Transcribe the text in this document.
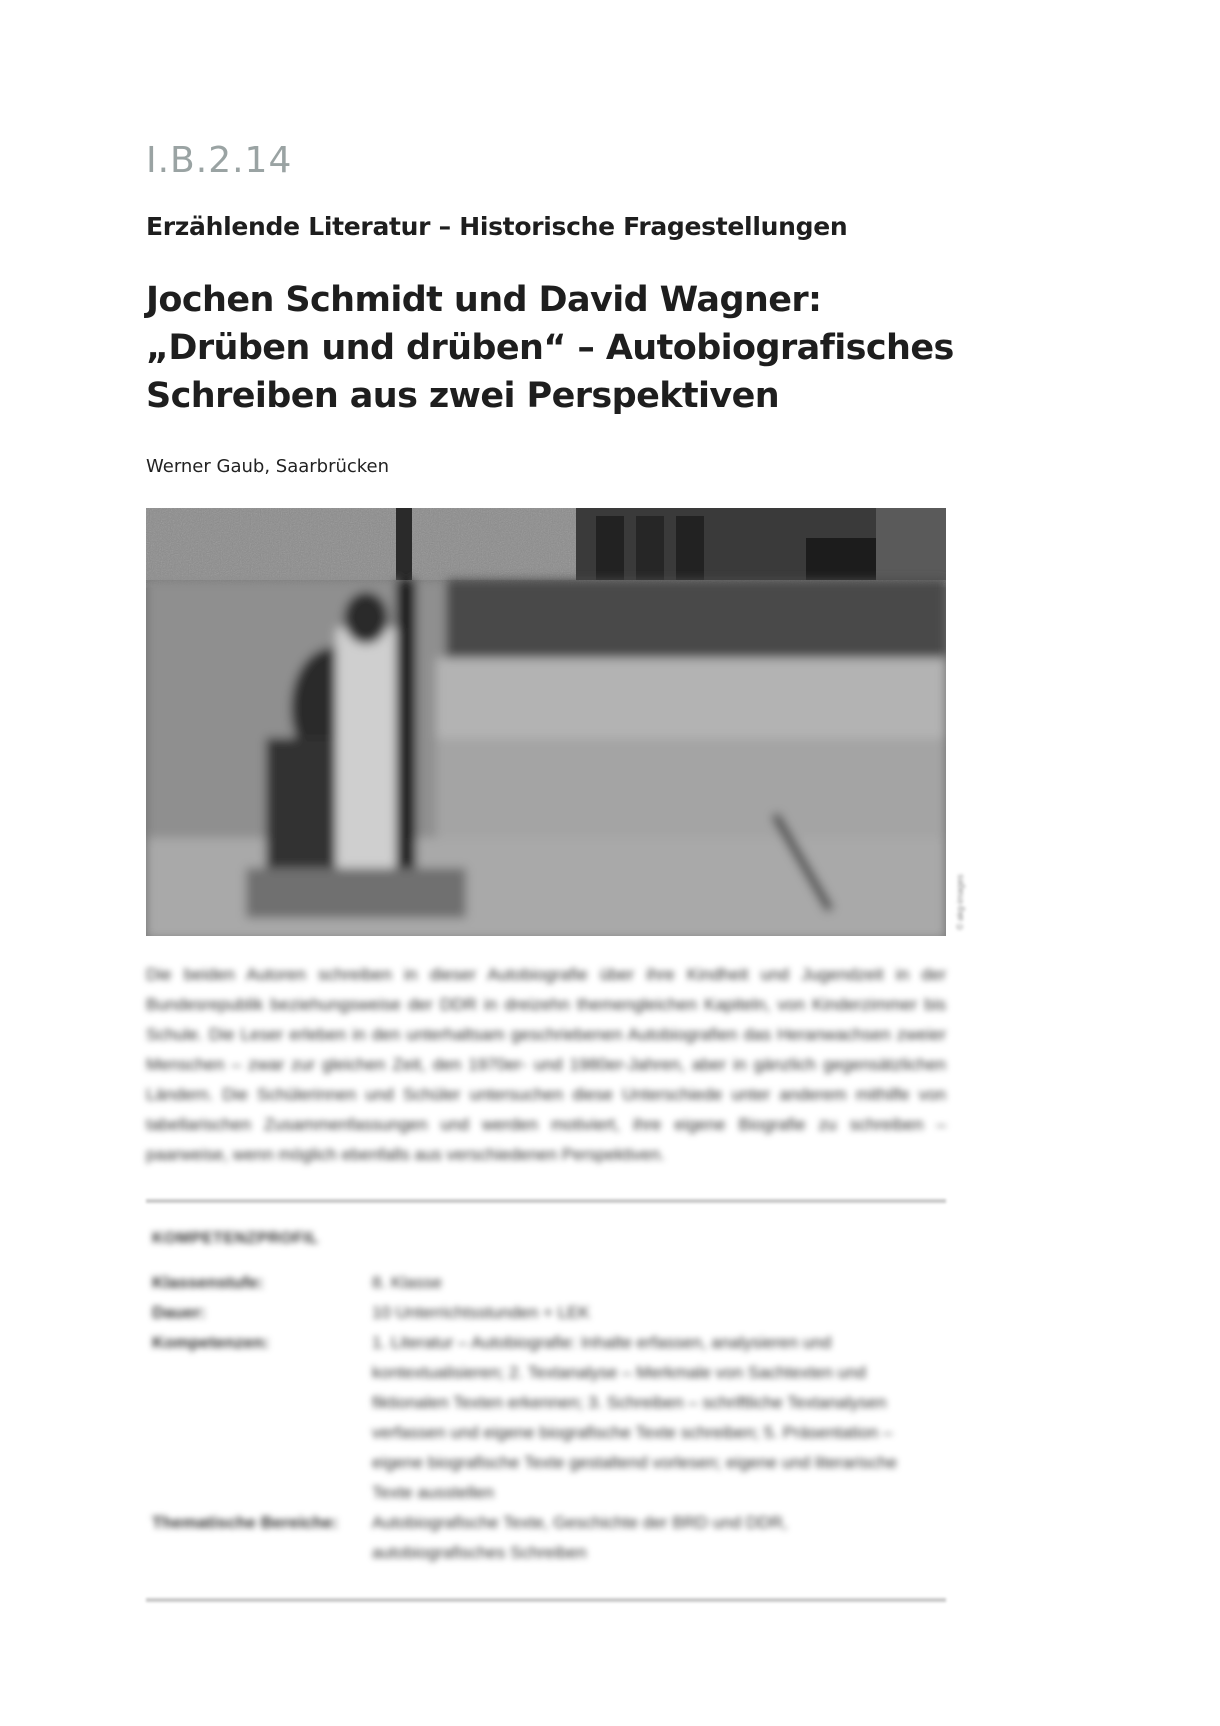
I.B.2.14
Erzählende Literatur – Historische Fragestellungen
Jochen Schmidt und David Wagner:
„Drüben und drüben“ – Autobiografisches
Schreiben aus zwei Perspektiven
Werner Gaub, Saarbrücken
© akg-images
Die beiden Autoren schreiben in dieser Autobiografie über ihre Kindheit und Jugendzeit in der Bundesrepublik beziehungsweise der DDR in dreizehn themengleichen Kapiteln, von Kinderzimmer bis Schule. Die Leser erleben in den unterhaltsam geschriebenen Autobiografien das Heranwachsen zweier Menschen – zwar zur gleichen Zeit, den 1970er- und 1980er-Jahren, aber in gänzlich gegensätzlichen Ländern. Die Schülerinnen und Schüler untersuchen diese Unterschiede unter anderem mithilfe von tabellarischen Zusammenfassungen und werden motiviert, ihre eigene Biografie zu schreiben – paarweise, wenn möglich ebenfalls aus verschiedenen Perspektiven.
KOMPETENZPROFIL
Klassenstufe:	8. Klasse
Dauer:	10 Unterrichtsstunden + LEK
Kompetenzen:	1. Literatur – Autobiografie: Inhalte erfassen, analysieren und kontextualisieren; 2. Textanalyse – Merkmale von Sachtexten und fiktionalen Texten erkennen; 3. Schreiben – schriftliche Textanalysen verfassen und eigene biografische Texte schreiben; 5. Präsentation – eigene biografische Texte gestaltend vorlesen; eigene und literarische Texte ausstellen
Thematische Bereiche:	Autobiografische Texte, Geschichte der BRD und DDR, autobiografisches Schreiben
